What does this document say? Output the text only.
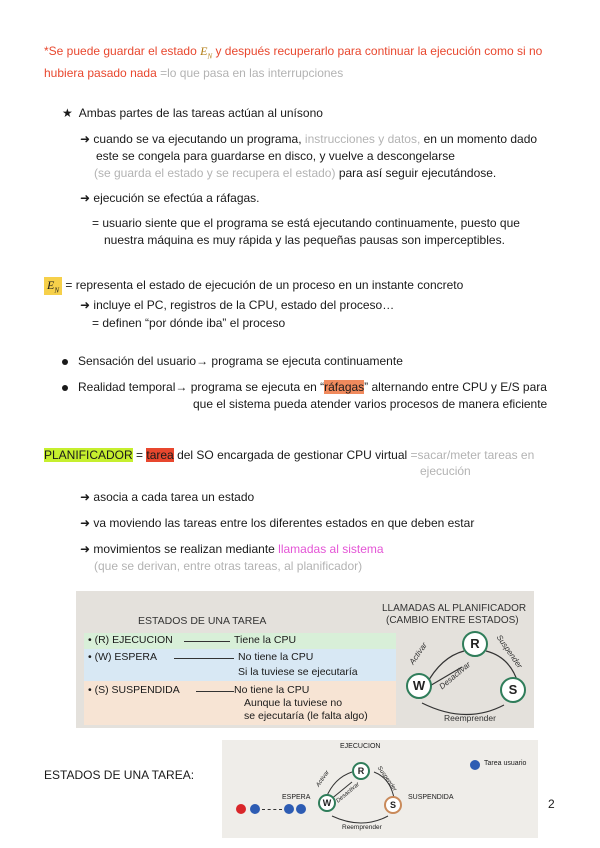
*Se puede guardar el estado $E_N$ y después recuperarlo para continuar la ejecución como si no
hubiera pasado nada =lo que pasa en las interrupciones
★ Ambas partes de las tareas actúan al unísono
➜ cuando se va ejecutando un programa, instrucciones y datos, en un momento dado
este se congela para guardarse en disco, y vuelve a descongelarse
(se guarda el estado y se recupera el estado) para así seguir ejecutándose.
➜ ejecución se efectúa a ráfagas.
= usuario siente que el programa se está ejecutando continuamente, puesto que
nuestra máquina es muy rápida y las pequeñas pausas son imperceptibles.
$E_N$ = representa el estado de ejecución de un proceso en un instante concreto
➜ incluye el PC, registros de la CPU, estado del proceso…
= definen “por dónde iba” el proceso
Sensación del usuario→ programa se ejecuta continuamente
Realidad temporal→ programa se ejecuta en “ráfagas” alternando entre CPU y E/S para
que el sistema pueda atender varios procesos de manera eficiente
PLANIFICADOR = tarea del SO encargada de gestionar CPU virtual =sacar/meter tareas en
ejecución
➜ asocia a cada tarea un estado
➜ va moviendo las tareas entre los diferentes estados en que deben estar
➜ movimientos se realizan mediante llamadas al sistema
(que se derivan, entre otras tareas, al planificador)
ESTADOS DE UNA TAREA
• (R) EJECUCION	Tiene la CPU
• (W) ESPERA	No tiene la CPU
Si la tuviese se ejecutaría
• (S) SUSPENDIDA	No tiene la CPU
Aunque la tuviese no
se ejecutaría (le falta algo)
LLAMADAS AL PLANIFICADOR
(CAMBIO ENTRE ESTADOS)
R
W	S
Activar	Suspender
Desactivar
Reemprender
ESTADOS DE UNA TAREA:
EJECUCION
ESPERA	SUSPENDIDA
Tarea usuario
R
W	S
Activar	Suspender
Desactivar
Reemprender
2
